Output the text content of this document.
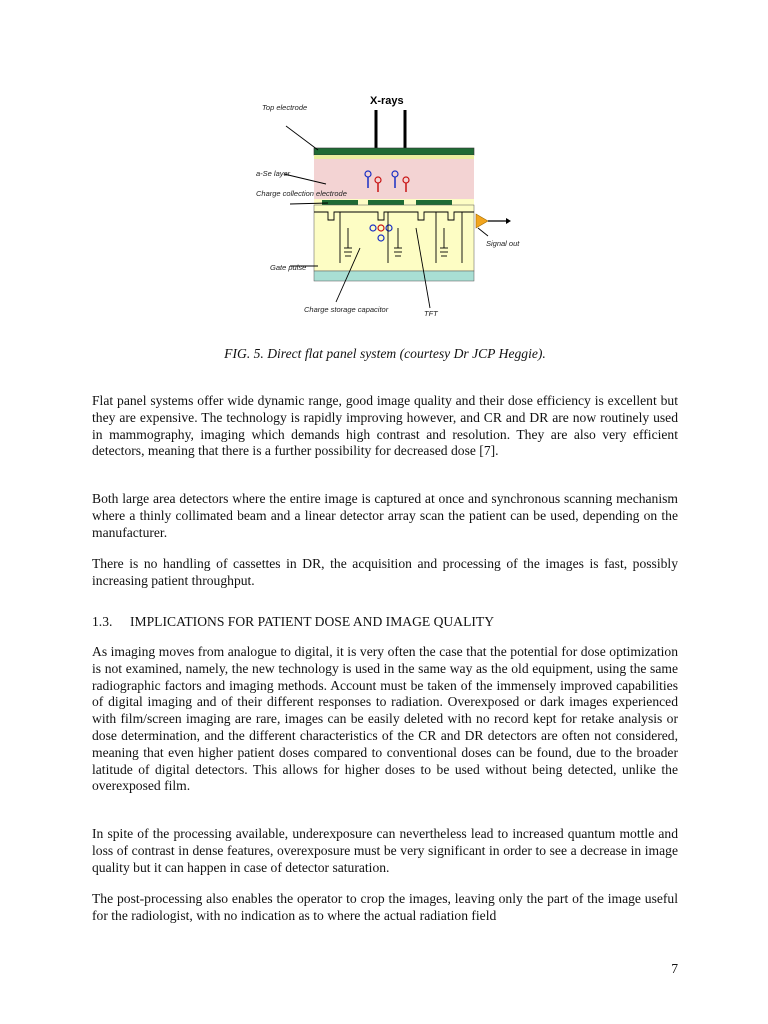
X-rays
Top electrode
a-Se layer
Charge collection electrode
Gate pulse
Charge storage capacitor	TFT
Signal out
FIG. 5. Direct flat panel system (courtesy Dr JCP Heggie).

Flat panel systems offer wide dynamic range, good image quality and their dose efficiency is excellent but they are expensive. The technology is rapidly improving however, and CR and DR are now routinely used in mammography, imaging which demands high contrast and resolution. They are also very efficient detectors, meaning that there is a further possibility for decreased dose [7].

Both large area detectors where the entire image is captured at once and synchronous scanning mechanism where a thinly collimated beam and a linear detector array scan the patient can be used, depending on the manufacturer.

There is no handling of cassettes in DR, the acquisition and processing of the images is fast, possibly increasing patient throughput.

1.3. IMPLICATIONS FOR PATIENT DOSE AND IMAGE QUALITY

As imaging moves from analogue to digital, it is very often the case that the potential for dose optimization is not examined, namely, the new technology is used in the same way as the old equipment, using the same radiographic factors and imaging methods. Account must be taken of the immensely improved capabilities of digital imaging and of their different responses to radiation. Overexposed or dark images experienced with film/screen imaging are rare, images can be easily deleted with no record kept for retake analysis or dose determination, and the different characteristics of the CR and DR detectors are often not considered, meaning that even higher patient doses compared to conventional doses can be found, due to the broader latitude of digital detectors. This allows for higher doses to be used without being detected, unlike the overexposed film.

In spite of the processing available, underexposure can nevertheless lead to increased quantum mottle and loss of contrast in dense features, overexposure must be very significant in order to see a decrease in image quality but it can happen in case of detector saturation.

The post-processing also enables the operator to crop the images, leaving only the part of the image useful for the radiologist, with no indication as to where the actual radiation field

7
